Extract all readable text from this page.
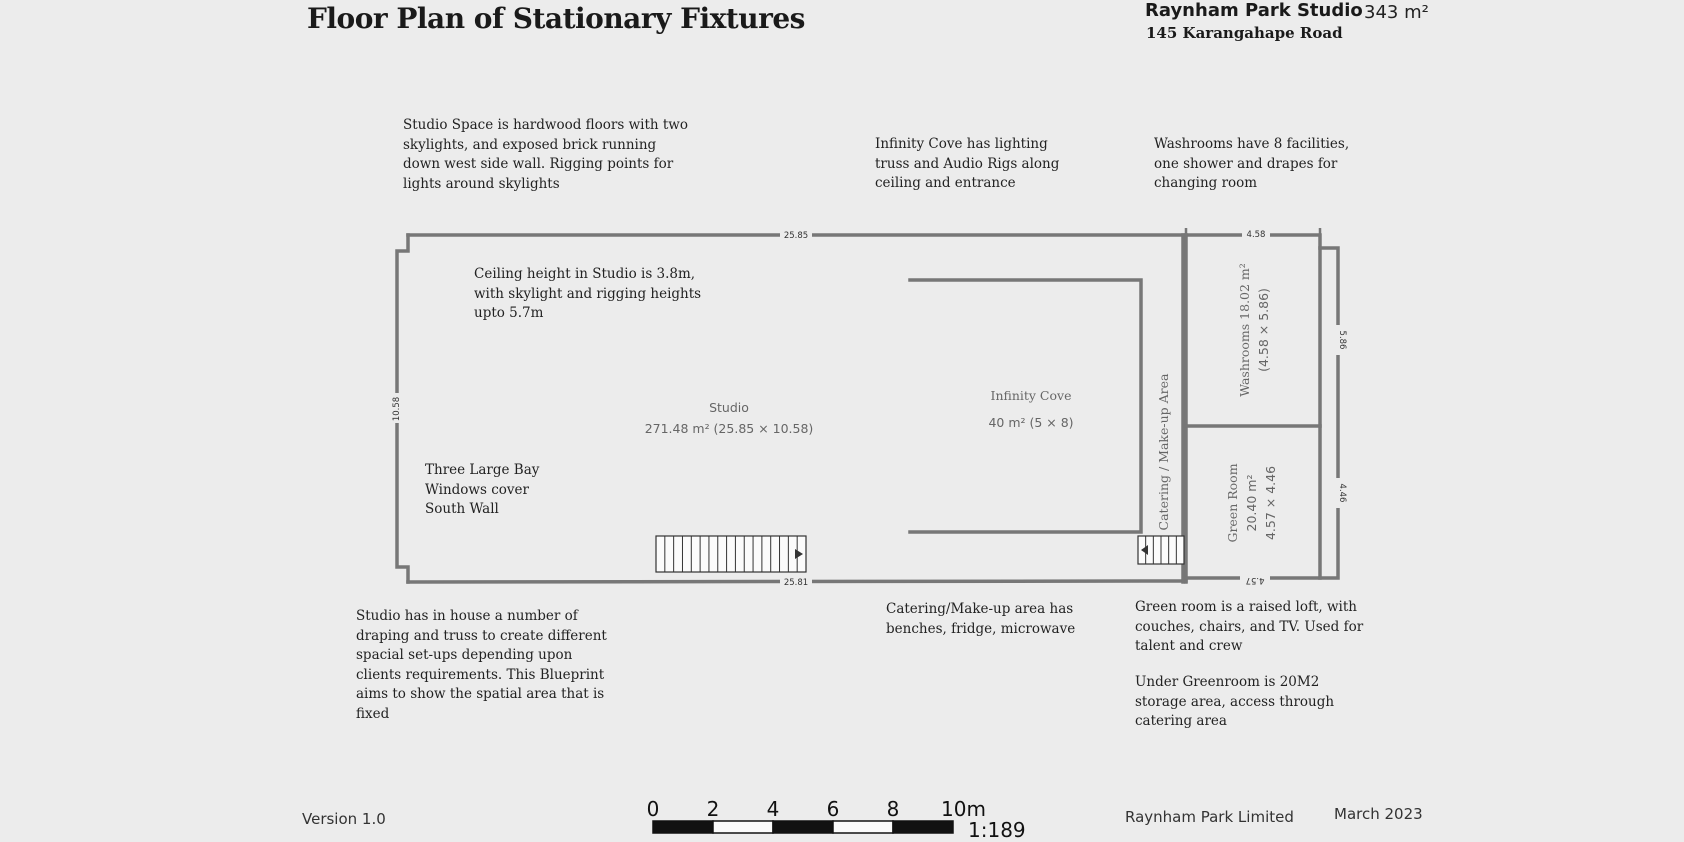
Floor Plan of Stationary Fixtures	Raynham Park Studio
145 Karangahape Road
343 m²
Studio Space is hardwood floors with two
skylights, and exposed brick running
down west side wall. Rigging points for
lights around skylights
Infinity Cove has lighting
truss and Audio Rigs along
ceiling and entrance
Washrooms have 8 facilities,
one shower and drapes for
changing room
Ceiling height in Studio is 3.8m,
with skylight and rigging heights
upto 5.7m
Three Large Bay
Windows cover
South Wall
Studio has in house a number of
draping and truss to create different
spacial set-ups depending upon
clients requirements. This Blueprint
aims to show the spatial area that is
fixed
Catering/Make-up area has
benches, fridge, microwave
Green room is a raised loft, with
couches, chairs, and TV. Used for
talent and crew
Under Greenroom is 20M2
storage area, access through
catering area
Studio
271.48 m² (25.85 × 10.58)
Infinity Cove
40 m² (5 × 8)	Catering / Make-up Area
Washrooms 18.02 m² (4.58 × 5.86)
Green Room 20.40 m² 4.57 × 4.46
25.85
25.81
10.58
4.58
5.86
4.46
4.57
0 2 4 6 8 10m
1:189
Version 1.0	Raynham Park Limited	March 2023
